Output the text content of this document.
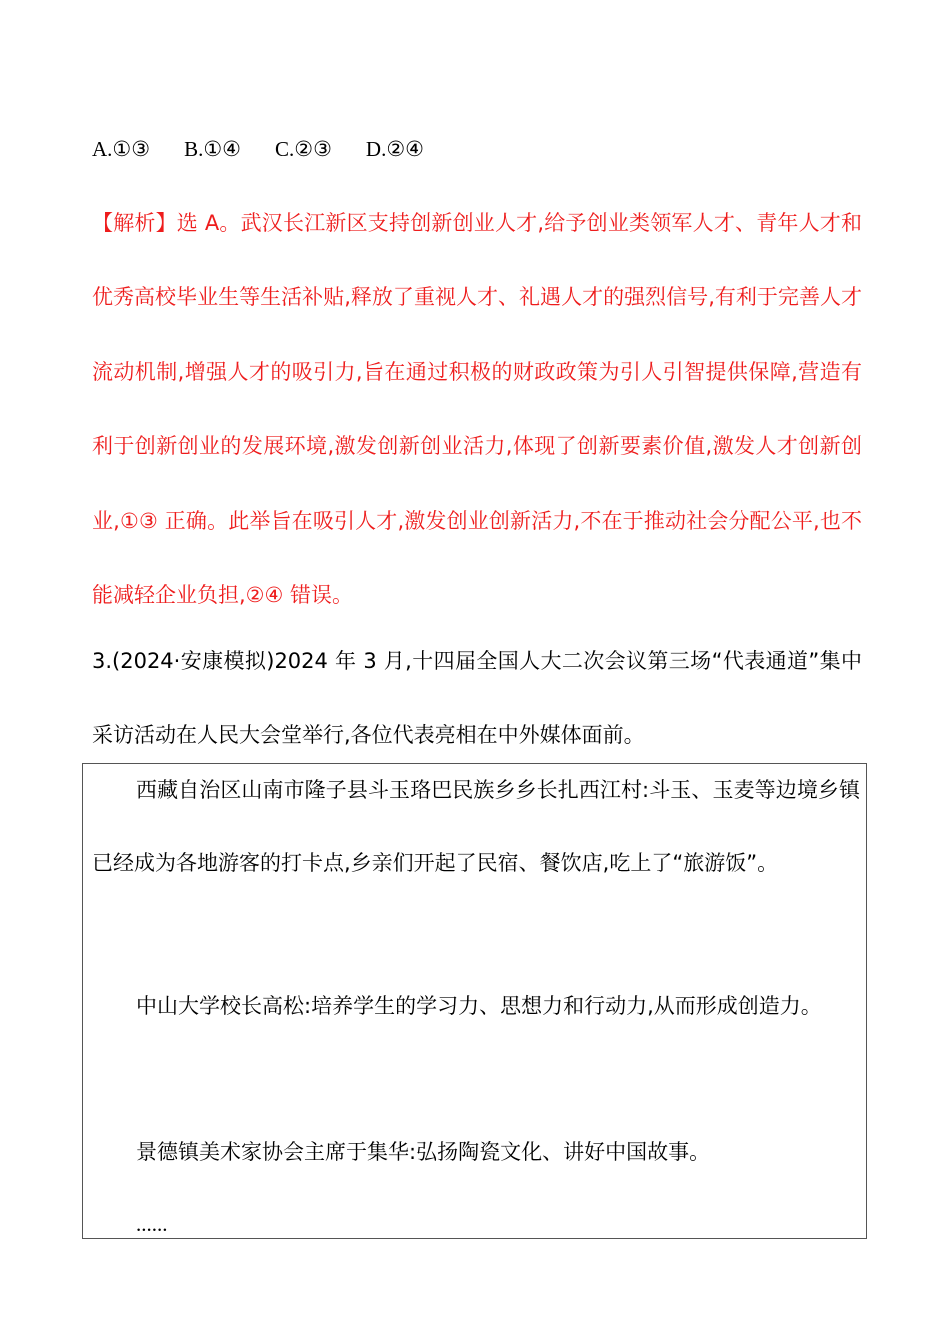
A.①③ B.①④ C.②③ D.②④

【解析】选 A。武汉长江新区支持创新创业人才,给予创业类领军人才、青年人才和优秀高校毕业生等生活补贴,释放了重视人才、礼遇人才的强烈信号,有利于完善人才流动机制,增强人才的吸引力,旨在通过积极的财政政策为引人引智提供保障,营造有利于创新创业的发展环境,激发创新创业活力,体现了创新要素价值,激发人才创新创业,①③ 正确。此举旨在吸引人才,激发创业创新活力,不在于推动社会分配公平,也不能减轻企业负担,②④ 错误。

3.(2024·安康模拟)2024 年 3 月,十四届全国人大二次会议第三场“代表通道”集中采访活动在人民大会堂举行,各位代表亮相在中外媒体面前。

西藏自治区山南市隆子县斗玉珞巴民族乡乡长扎西江村:斗玉、玉麦等边境乡镇已经成为各地游客的打卡点,乡亲们开起了民宿、餐饮店,吃上了“旅游饭”。

中山大学校长高松:培养学生的学习力、思想力和行动力,从而形成创造力。

景德镇美术家协会主席于集华:弘扬陶瓷文化、讲好中国故事。

......
